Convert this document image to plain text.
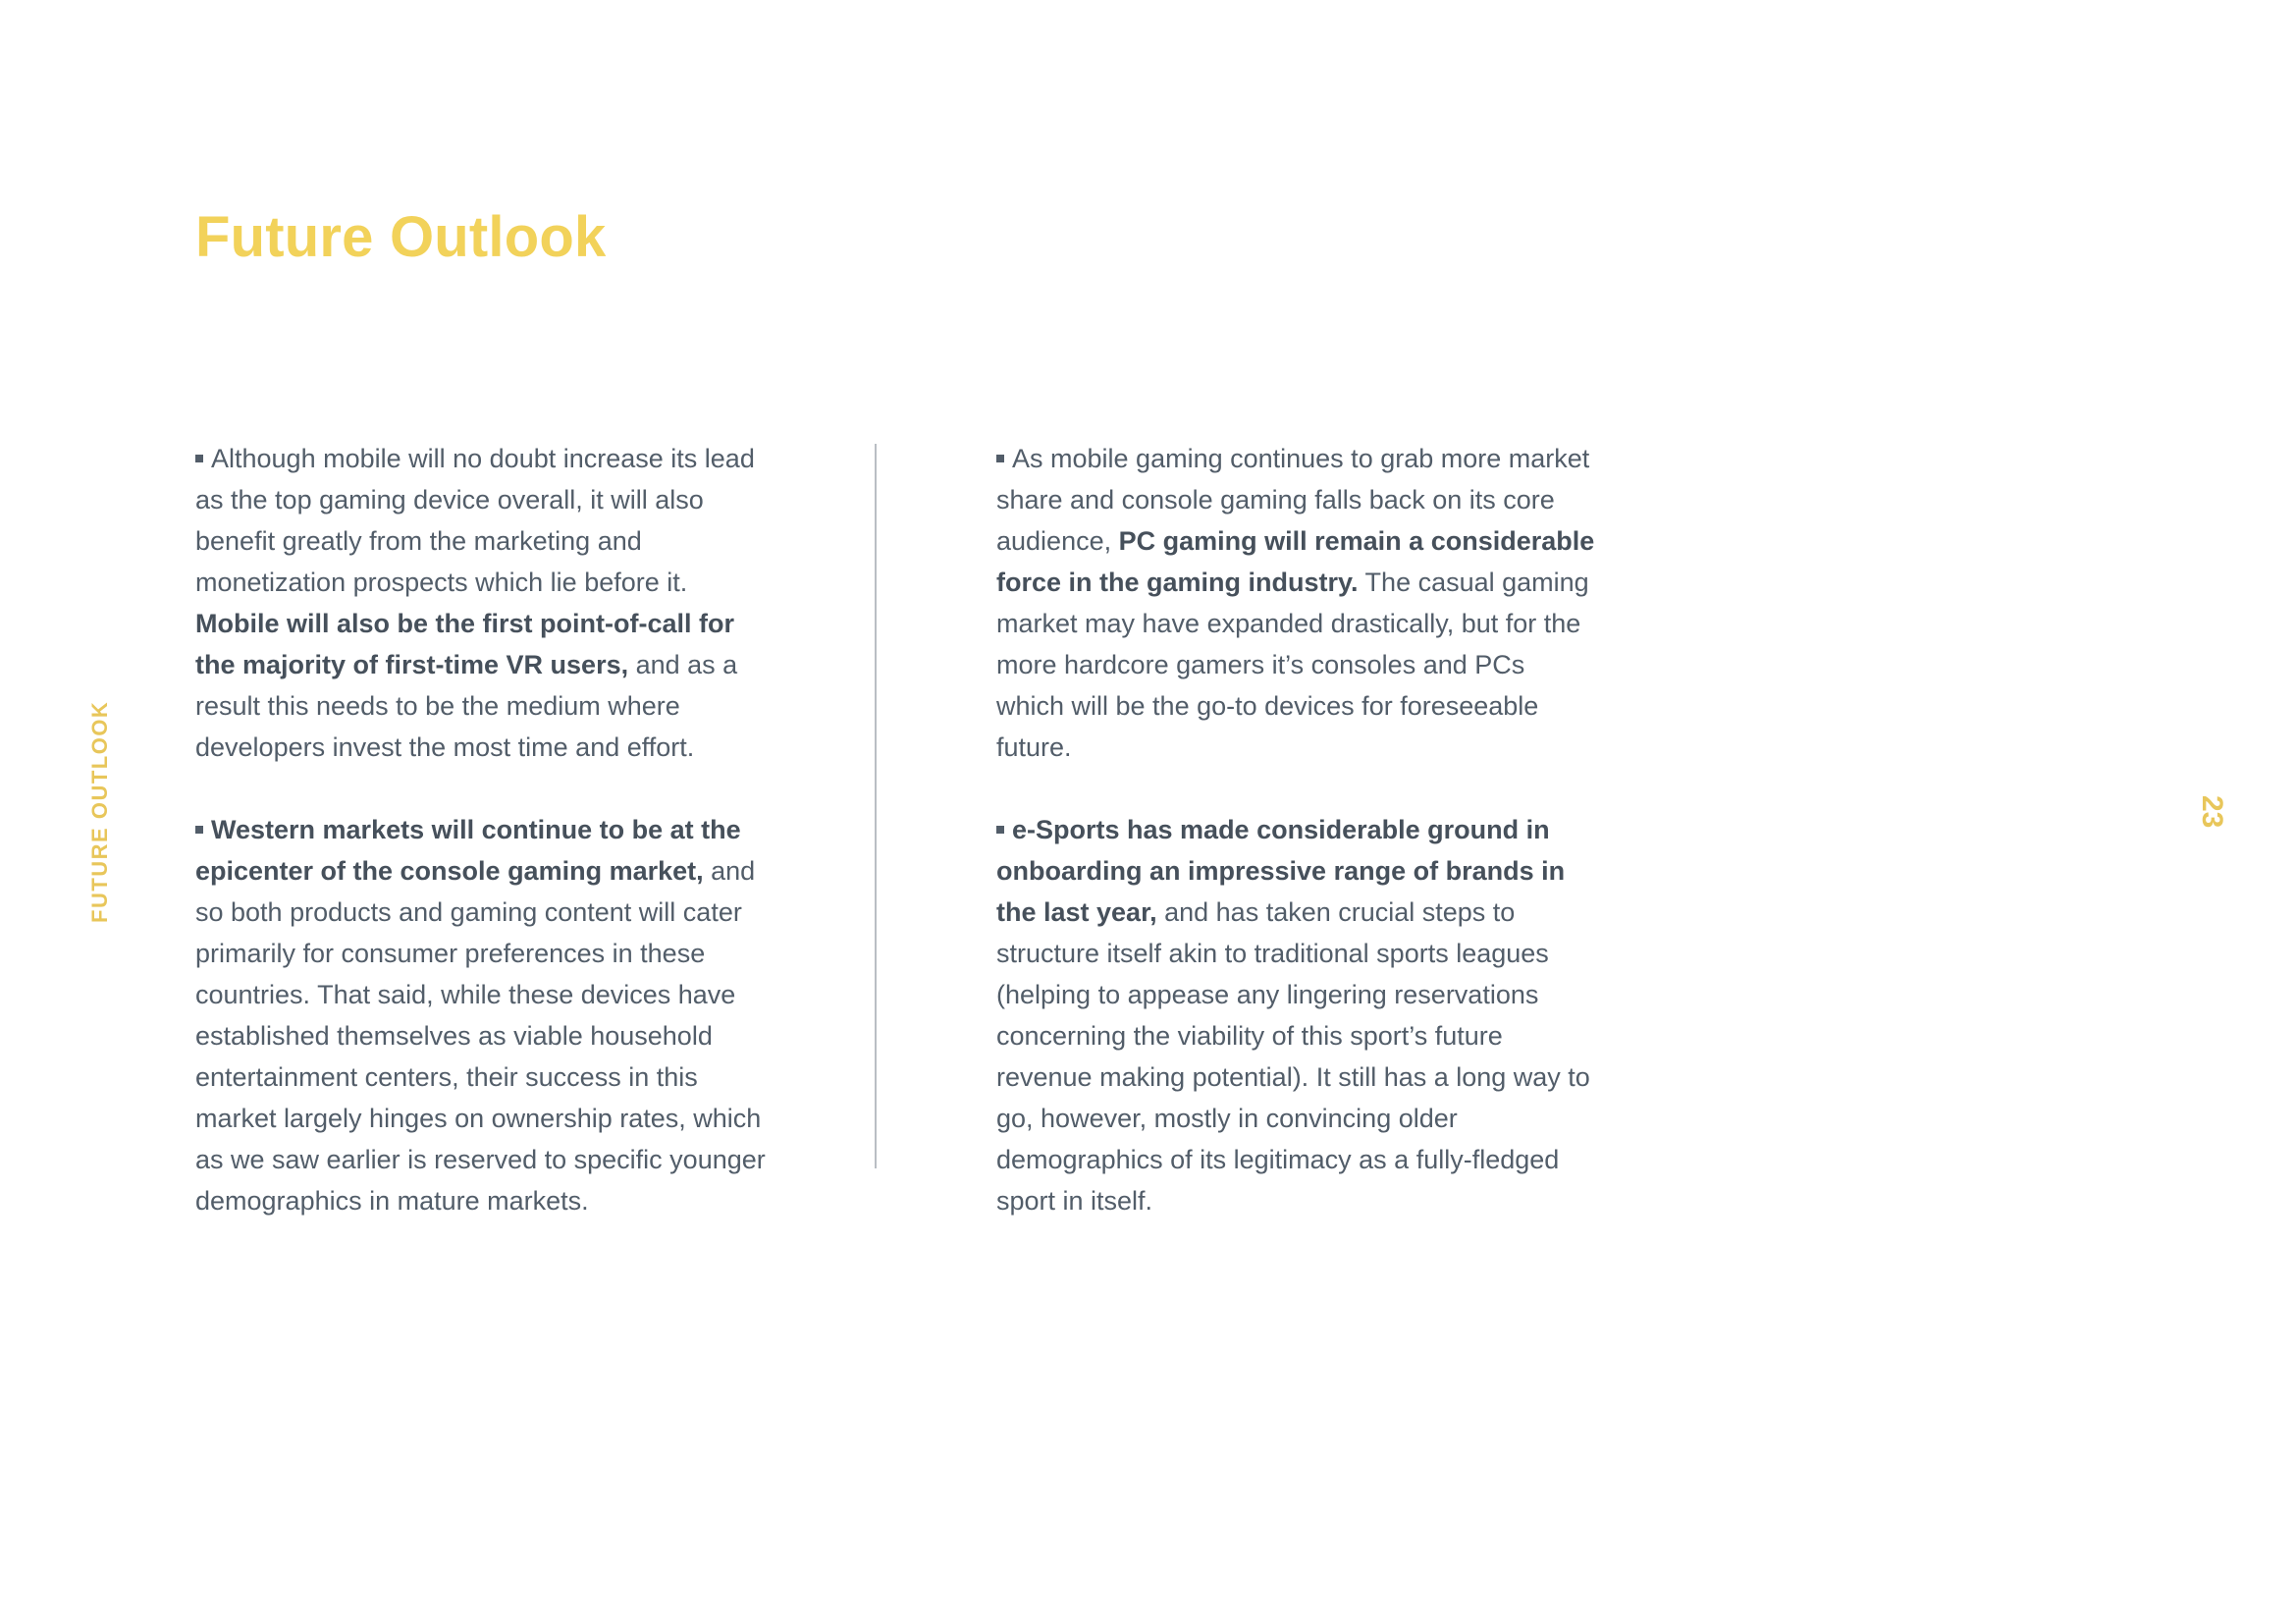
Future Outlook
FUTURE OUTLOOK	23

Although mobile will no doubt increase its lead as the top gaming device overall, it will also benefit greatly from the marketing and monetization prospects which lie before it. Mobile will also be the first point-of-call for the majority of first-time VR users, and as a result this needs to be the medium where developers invest the most time and effort.

Western markets will continue to be at the epicenter of the console gaming market, and so both products and gaming content will cater primarily for consumer preferences in these countries. That said, while these devices have established themselves as viable household entertainment centers, their success in this market largely hinges on ownership rates, which as we saw earlier is reserved to specific younger demographics in mature markets.

As mobile gaming continues to grab more market share and console gaming falls back on its core audience, PC gaming will remain a considerable force in the gaming industry. The casual gaming market may have expanded drastically, but for the more hardcore gamers it’s consoles and PCs which will be the go-to devices for foreseeable future.

e-Sports has made considerable ground in onboarding an impressive range of brands in the last year, and has taken crucial steps to structure itself akin to traditional sports leagues (helping to appease any lingering reservations concerning the viability of this sport’s future revenue making potential). It still has a long way to go, however, mostly in convincing older demographics of its legitimacy as a fully-fledged sport in itself.
